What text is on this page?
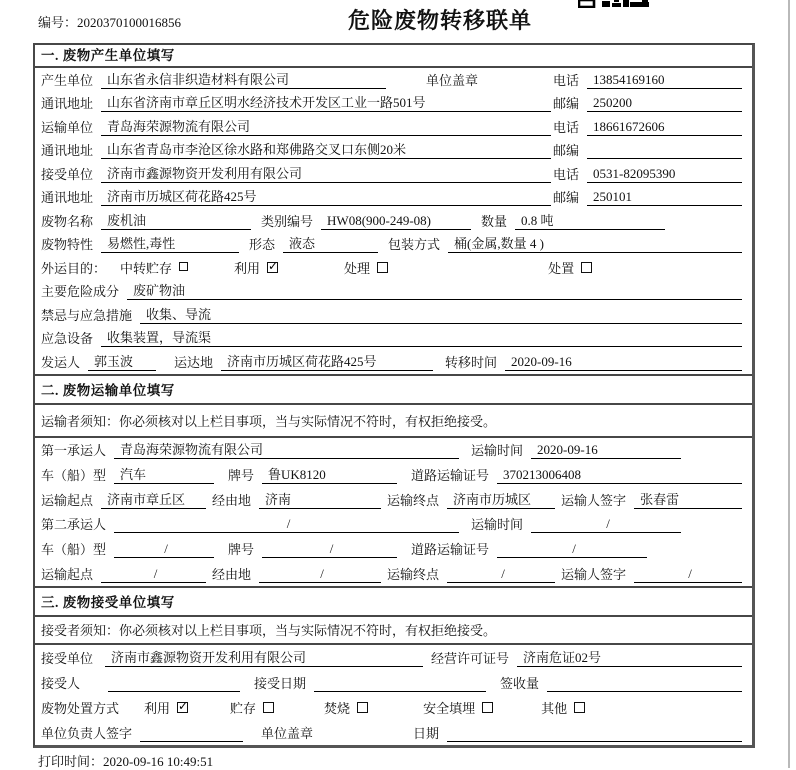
编号：2020370100016856	危险废物转移联单
一. 废物产生单位填写
产生单位	山东省永信非织造材料有限公司	单位盖章	电话	13854169160
通讯地址	山东省济南市章丘区明水经济技术开发区工业一路501号	邮编	250200
运输单位	青岛海荣源物流有限公司	电话	18661672606
通讯地址	山东省青岛市李沧区徐水路和郑佛路交叉口东侧20米	邮编
接受单位	济南市鑫源物资开发利用有限公司	电话	0531-82095390
通讯地址	济南市历城区荷花路425号	邮编	250101
废物名称	废机油	类别编号	HW08(900-249-08)	数量	0.8 吨
废物特性	易燃性,毒性	形态	液态	包装方式	桶(金属,数量 4 )
外运目的： 中转贮存	利用 ✓	处理	处置
主要危险成分	废矿物油
禁忌与应急措施	收集、导流
应急设备	收集装置，导流渠
发运人	郭玉波	运达地	济南市历城区荷花路425号	转移时间	2020-09-16
二. 废物运输单位填写
运输者须知： 你必须核对以上栏目事项，当与实际情况不符时，有权拒绝接受。
第一承运人	青岛海荣源物流有限公司	运输时间	2020-09-16
车（船）型	汽车	牌号	鲁UK8120	道路运输证号	370213006408
运输起点	济南市章丘区	经由地	济南	运输终点	济南市历城区	运输人签字	张春雷
第二承运人	/	运输时间	/
车（船）型	/	牌号	/	道路运输证号	/
运输起点	/	经由地	/	运输终点	/	运输人签字	/
三. 废物接受单位填写
接受者须知： 你必须核对以上栏目事项，当与实际情况不符时，有权拒绝接受。
接受单位	济南市鑫源物资开发利用有限公司	经营许可证号	济南危证02号
接受人	接受日期	签收量
废物处置方式 利用 ✓	贮存	焚烧	安全填埋	其他
单位负责人签字	单位盖章	日期
打印时间：2020-09-16 10:49:51
